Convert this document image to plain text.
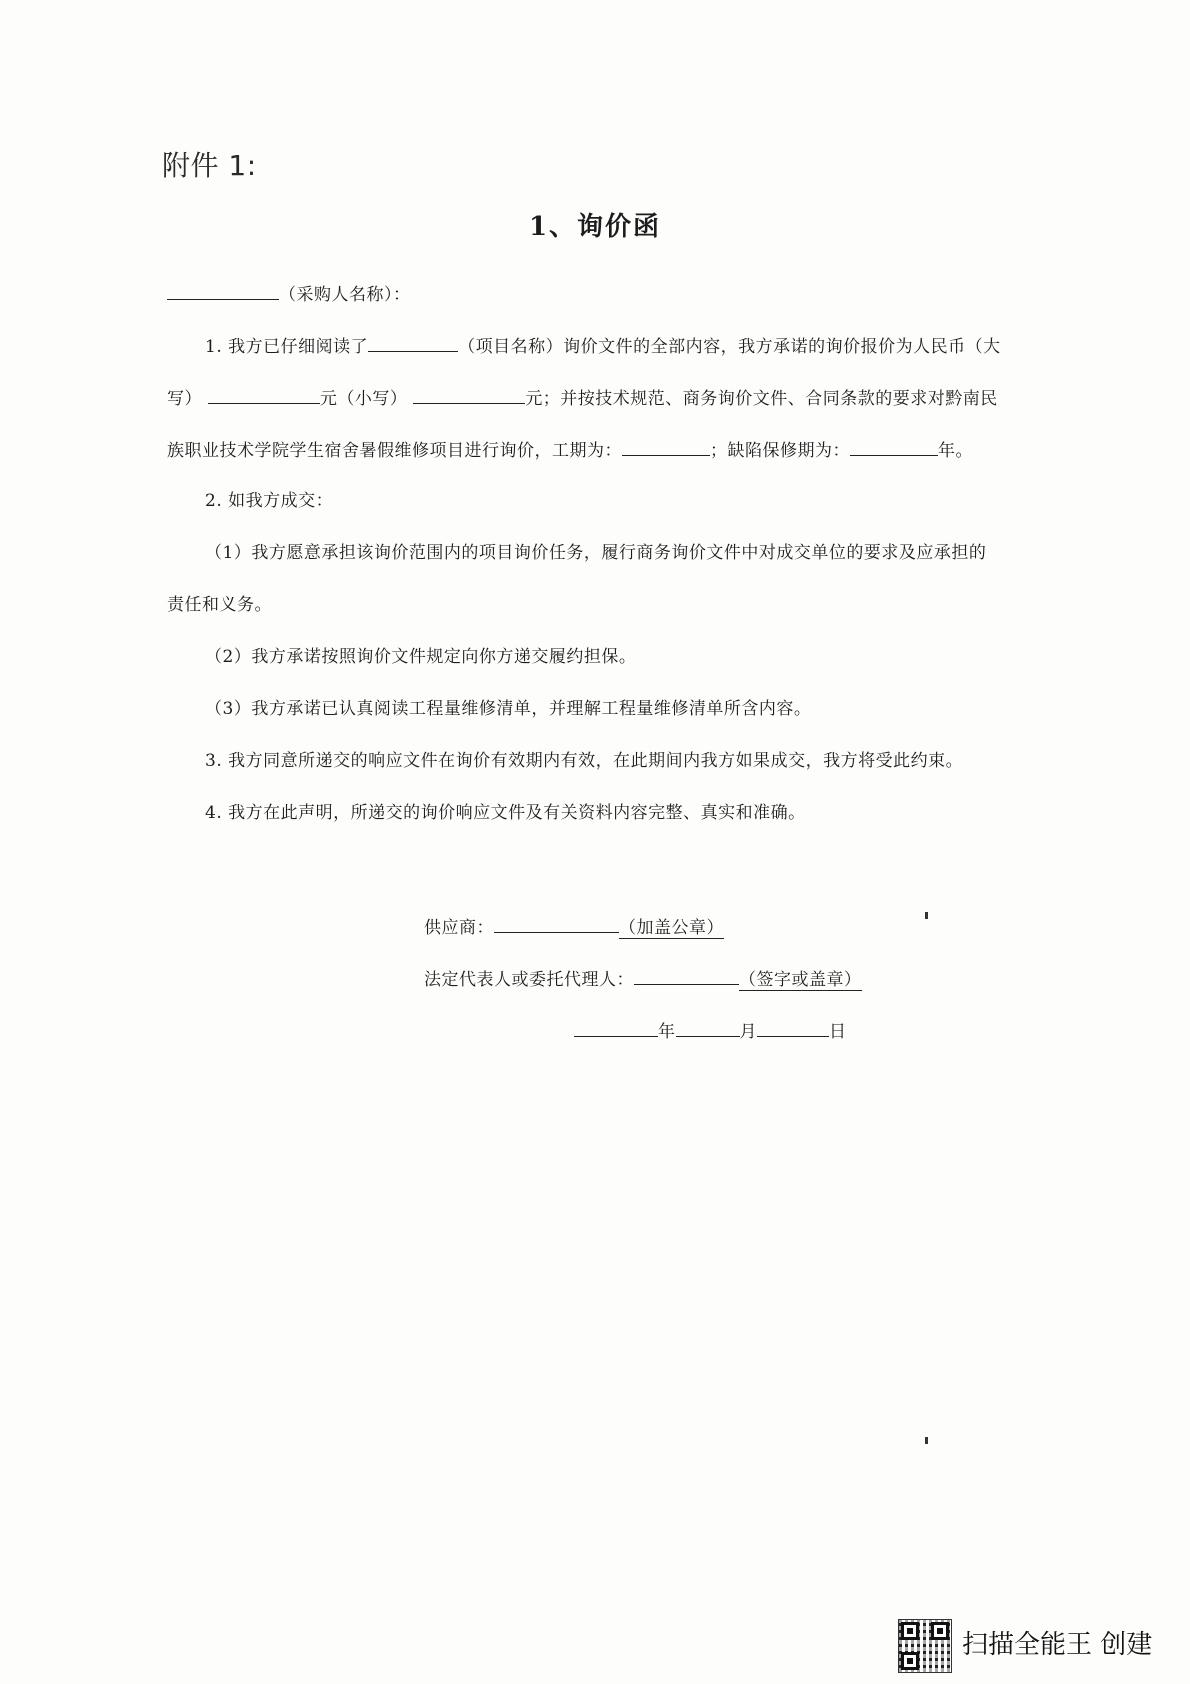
附件 1:
1、询价函
（采购人名称）：
1. 我方已仔细阅读了	（项目名称）询价文件的全部内容，我方承诺的询价报价为人民币（大
写）	元（小写）	元；并按技术规范、商务询价文件、合同条款的要求对黔南民
族职业技术学院学生宿舍暑假维修项目进行询价，工期为：	；缺陷保修期为：	年。
2. 如我方成交：
（1）我方愿意承担该询价范围内的项目询价任务，履行商务询价文件中对成交单位的要求及应承担的
责任和义务。
（2）我方承诺按照询价文件规定向你方递交履约担保。
（3）我方承诺已认真阅读工程量维修清单，并理解工程量维修清单所含内容。
3. 我方同意所递交的响应文件在询价有效期内有效，在此期间内我方如果成交，我方将受此约束。
4. 我方在此声明，所递交的询价响应文件及有关资料内容完整、真实和准确。
供应商：	（加盖公章）
法定代表人或委托代理人：	（签字或盖章）
年	月	日
扫描全能王 创建
